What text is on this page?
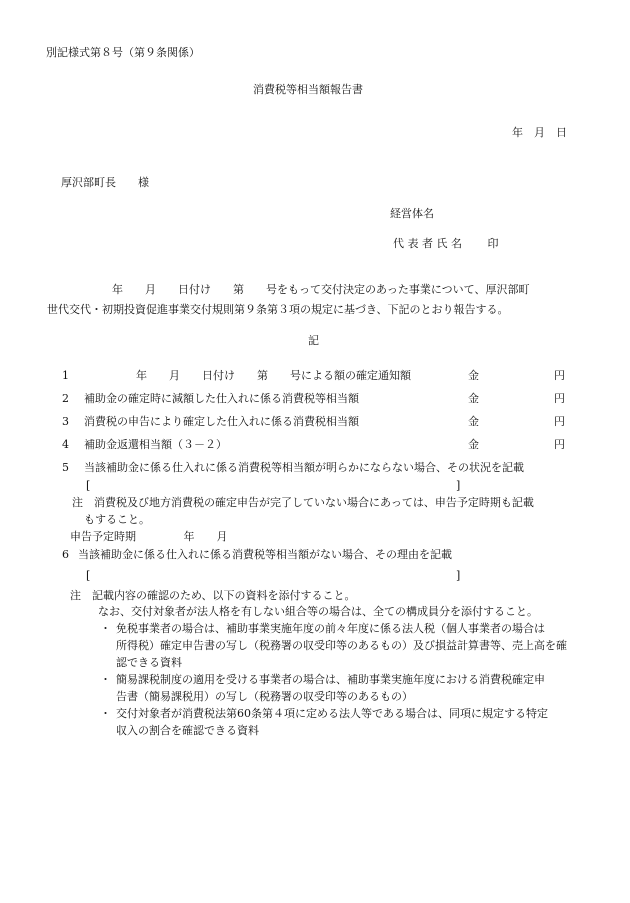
別記様式第８号（第９条関係）
消費税等相当額報告書
年　月　日
厚沢部町長　　様
経営体名
代 表 者 氏 名　　 印
年　　月　　日付け　　第　　号をもって交付決定のあった事業について、厚沢部町
世代交代・初期投資促進事業交付規則第９条第３項の規定に基づき、下記のとおり報告する。
記
1	年　　月　　日付け　　第　　号による額の確定通知額	金	円
2 補助金の確定時に減額した仕入れに係る消費税等相当額	金	円
3 消費税の申告により確定した仕入れに係る消費税相当額	金	円
4 補助金返還相当額（３－２）	金	円
5 当該補助金に係る仕入れに係る消費税等相当額が明らかにならない場合、その状況を記載
[	]
注　消費税及び地方消費税の確定申告が完了していない場合にあっては、申告予定時期も記載
もすること。
申告予定時期　　　　 年　　月
6 当該補助金に係る仕入れに係る消費税等相当額がない場合、その理由を記載
[	]
注　記載内容の確認のため、以下の資料を添付すること。
なお、交付対象者が法人格を有しない組合等の場合は、全ての構成員分を添付すること。
・ 免税事業者の場合は、補助事業実施年度の前々年度に係る法人税（個人事業者の場合は
所得税）確定申告書の写し（税務署の収受印等のあるもの）及び損益計算書等、売上高を確
認できる資料
・ 簡易課税制度の適用を受ける事業者の場合は、補助事業実施年度における消費税確定申
告書（簡易課税用）の写し（税務署の収受印等のあるもの）
・ 交付対象者が消費税法第60条第４項に定める法人等である場合は、同項に規定する特定
収入の割合を確認できる資料
